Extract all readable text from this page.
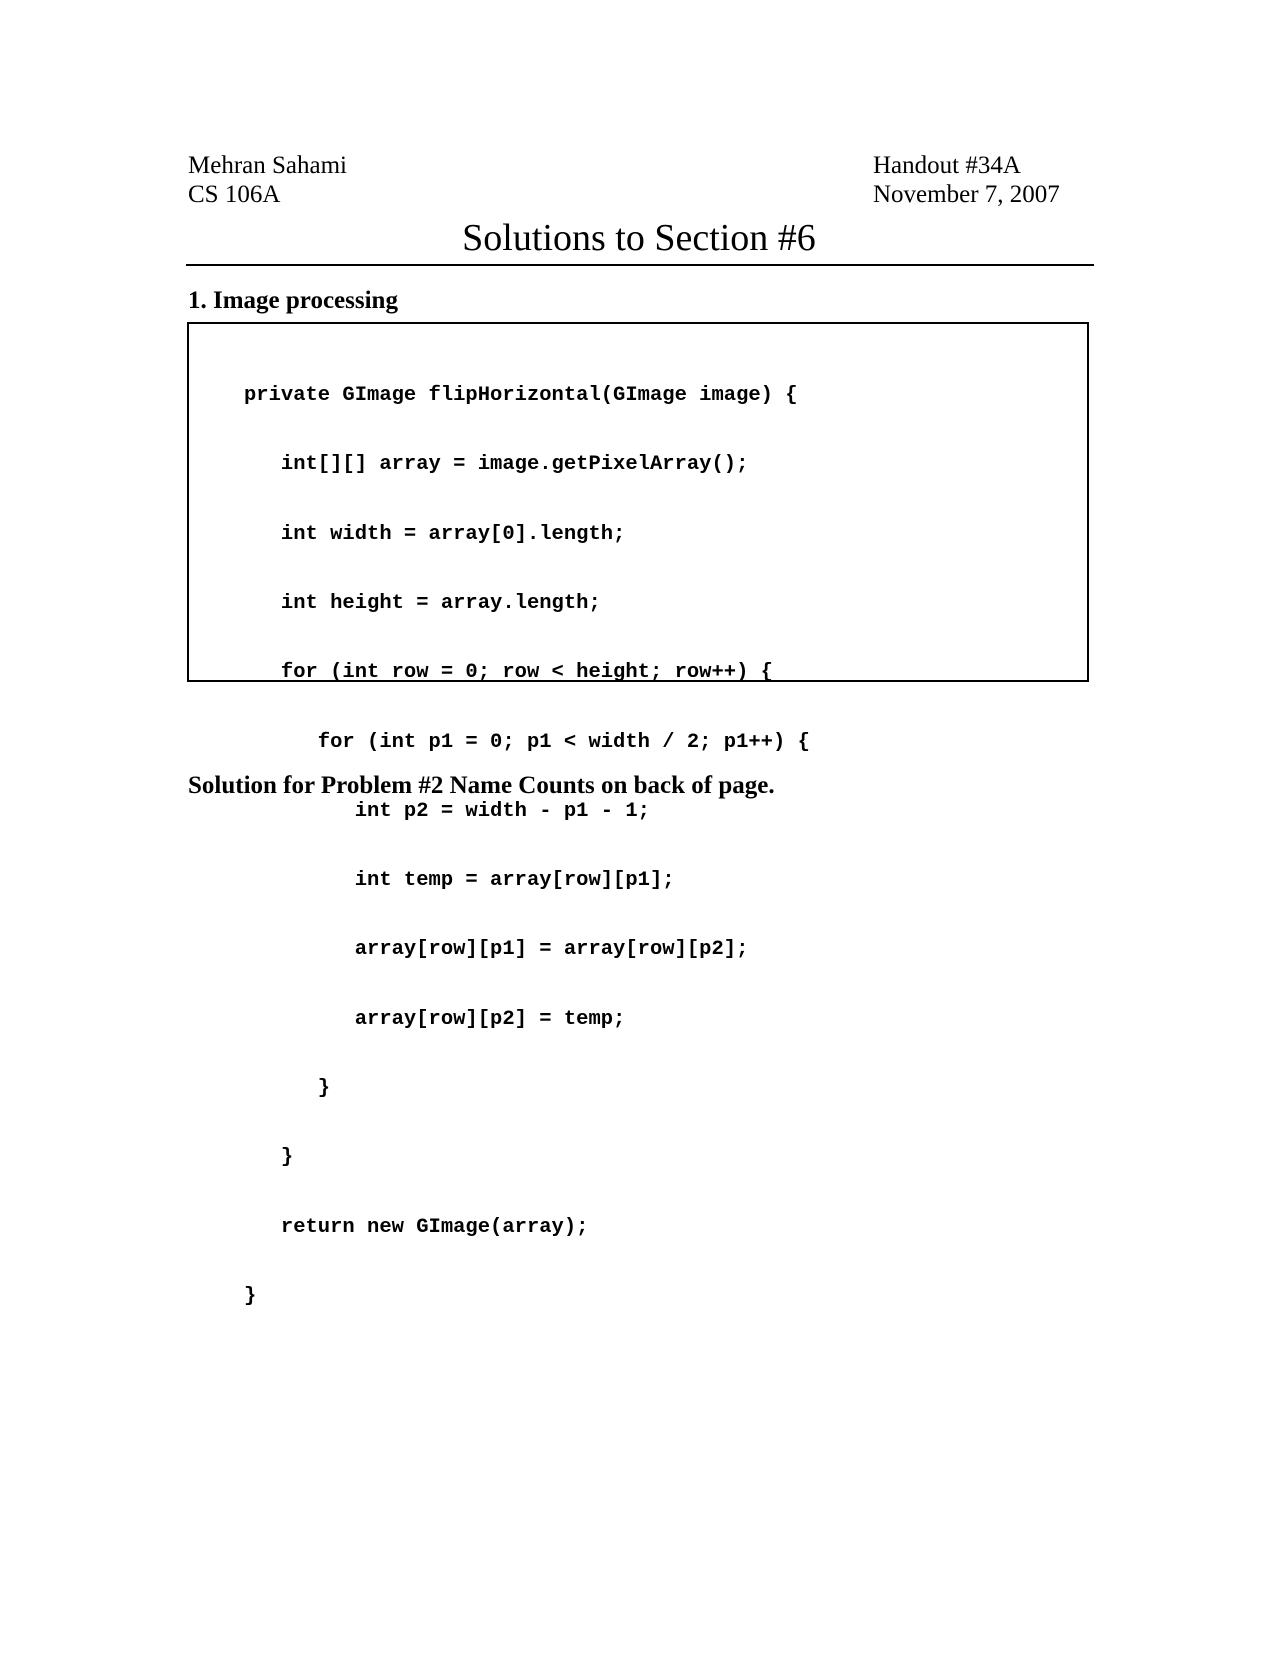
Mehran Sahami
CS 106A
Handout #34A
November 7, 2007
Solutions to Section #6
1. Image processing

private GImage flipHorizontal(GImage image) {

int[][] array = image.getPixelArray();

int width = array[0].length;

int height = array.length;

for (int row = 0; row < height; row++) {

for (int p1 = 0; p1 < width / 2; p1++) {

int p2 = width - p1 - 1;

int temp = array[row][p1];

array[row][p1] = array[row][p2];

array[row][p2] = temp;

}

}

return new GImage(array);

}

Solution for Problem #2 Name Counts on back of page.
